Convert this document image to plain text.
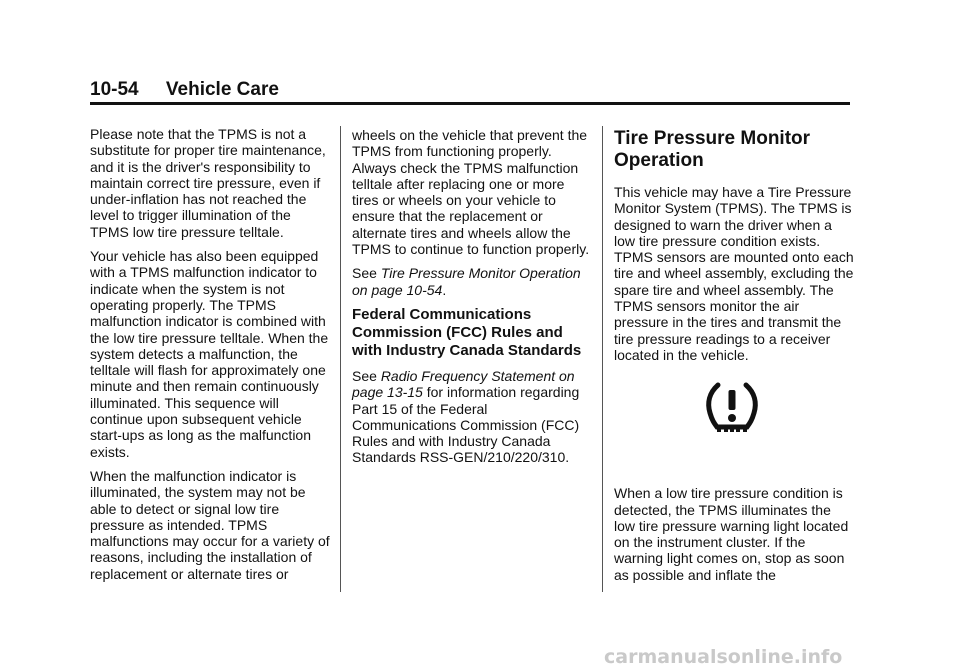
10-54 Vehicle Care

Please note that the TPMS is not a substitute for proper tire maintenance, and it is the driver's responsibility to maintain correct tire pressure, even if under-inflation has not reached the level to trigger illumination of the TPMS low tire pressure telltale.

Your vehicle has also been equipped with a TPMS malfunction indicator to indicate when the system is not operating properly. The TPMS malfunction indicator is combined with the low tire pressure telltale. When the system detects a malfunction, the telltale will flash for approximately one minute and then remain continuously illuminated. This sequence will continue upon subsequent vehicle start-ups as long as the malfunction exists.

When the malfunction indicator is illuminated, the system may not be able to detect or signal low tire pressure as intended. TPMS malfunctions may occur for a variety of reasons, including the installation of replacement or alternate tires or

wheels on the vehicle that prevent the TPMS from functioning properly. Always check the TPMS malfunction telltale after replacing one or more tires or wheels on your vehicle to ensure that the replacement or alternate tires and wheels allow the TPMS to continue to function properly.

See Tire Pressure Monitor Operation on page 10-54.

Federal Communications Commission (FCC) Rules and with Industry Canada Standards

See Radio Frequency Statement on page 13-15 for information regarding Part 15 of the Federal Communications Commission (FCC) Rules and with Industry Canada Standards RSS-GEN/210/220/310.

Tire Pressure Monitor Operation

This vehicle may have a Tire Pressure Monitor System (TPMS). The TPMS is designed to warn the driver when a low tire pressure condition exists. TPMS sensors are mounted onto each tire and wheel assembly, excluding the spare tire and wheel assembly. The TPMS sensors monitor the air pressure in the tires and transmit the tire pressure readings to a receiver located in the vehicle.

When a low tire pressure condition is detected, the TPMS illuminates the low tire pressure warning light located on the instrument cluster. If the warning light comes on, stop as soon as possible and inflate the

carmanualsonline.info
